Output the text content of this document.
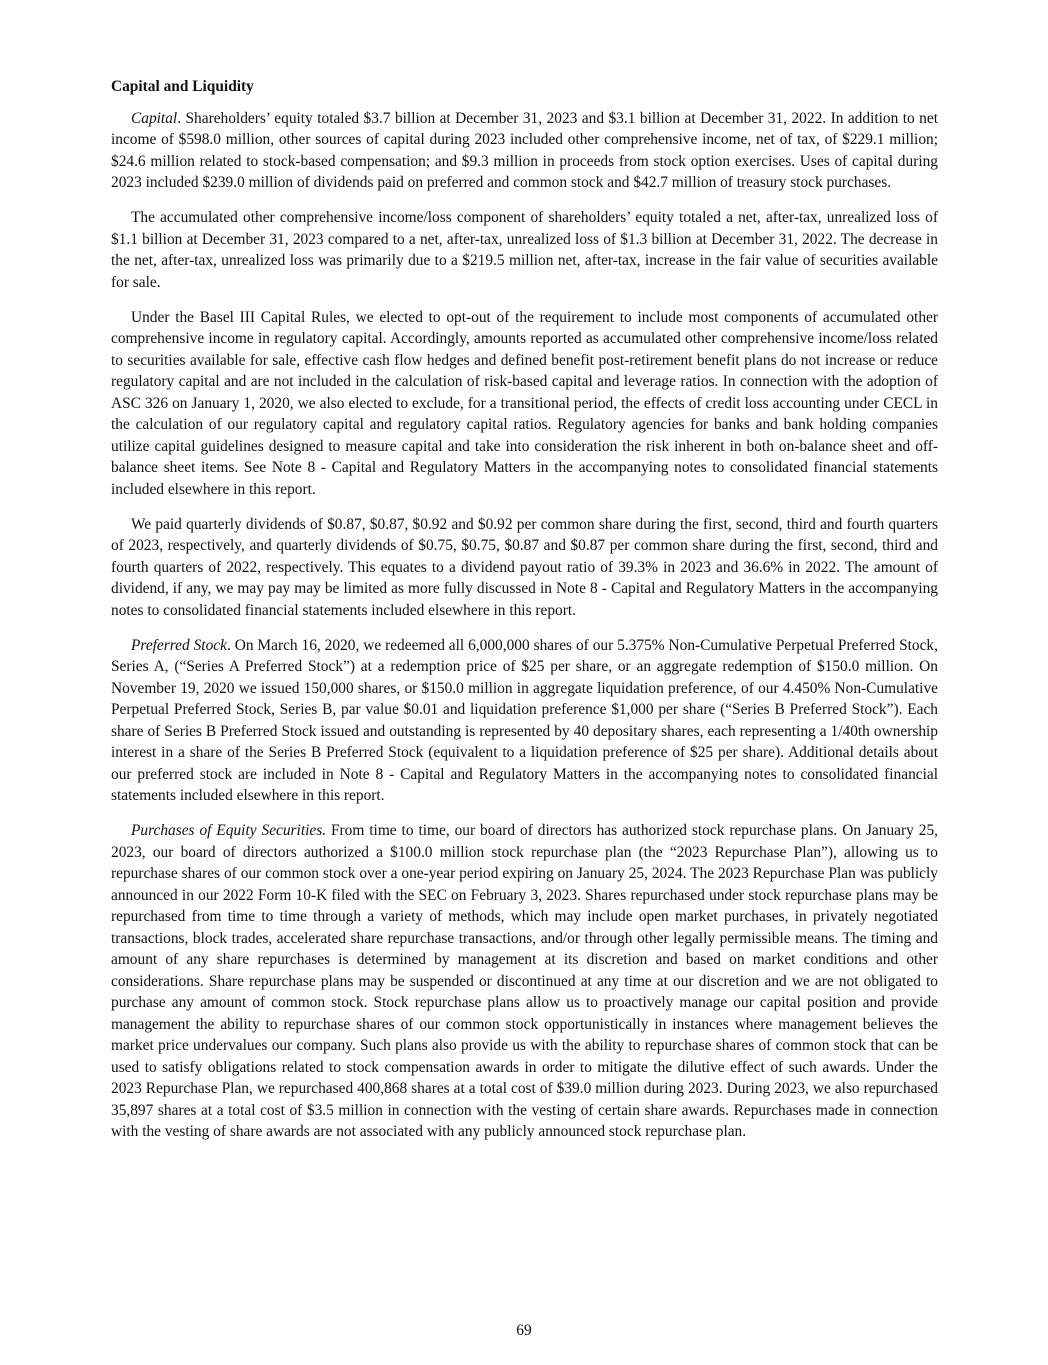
Capital and Liquidity

Capital. Shareholders’ equity totaled $3.7 billion at December 31, 2023 and $3.1 billion at December 31, 2022. In addition to net income of $598.0 million, other sources of capital during 2023 included other comprehensive income, net of tax, of $229.1 million; $24.6 million related to stock-based compensation; and $9.3 million in proceeds from stock option exercises. Uses of capital during 2023 included $239.0 million of dividends paid on preferred and common stock and $42.7 million of treasury stock purchases.

The accumulated other comprehensive income/loss component of shareholders’ equity totaled a net, after-tax, unrealized loss of $1.1 billion at December 31, 2023 compared to a net, after-tax, unrealized loss of $1.3 billion at December 31, 2022. The decrease in the net, after-tax, unrealized loss was primarily due to a $219.5 million net, after-tax, increase in the fair value of securities available for sale.

Under the Basel III Capital Rules, we elected to opt-out of the requirement to include most components of accumulated other comprehensive income in regulatory capital. Accordingly, amounts reported as accumulated other comprehensive income/loss related to securities available for sale, effective cash flow hedges and defined benefit post-retirement benefit plans do not increase or reduce regulatory capital and are not included in the calculation of risk-based capital and leverage ratios. In connection with the adoption of ASC 326 on January 1, 2020, we also elected to exclude, for a transitional period, the effects of credit loss accounting under CECL in the calculation of our regulatory capital and regulatory capital ratios. Regulatory agencies for banks and bank holding companies utilize capital guidelines designed to measure capital and take into consideration the risk inherent in both on-balance sheet and off-balance sheet items. See Note 8 - Capital and Regulatory Matters in the accompanying notes to consolidated financial statements included elsewhere in this report.

We paid quarterly dividends of $0.87, $0.87, $0.92 and $0.92 per common share during the first, second, third and fourth quarters of 2023, respectively, and quarterly dividends of $0.75, $0.75, $0.87 and $0.87 per common share during the first, second, third and fourth quarters of 2022, respectively. This equates to a dividend payout ratio of 39.3% in 2023 and 36.6% in 2022. The amount of dividend, if any, we may pay may be limited as more fully discussed in Note 8 - Capital and Regulatory Matters in the accompanying notes to consolidated financial statements included elsewhere in this report.

Preferred Stock. On March 16, 2020, we redeemed all 6,000,000 shares of our 5.375% Non-Cumulative Perpetual Preferred Stock, Series A, (“Series A Preferred Stock”) at a redemption price of $25 per share, or an aggregate redemption of $150.0 million. On November 19, 2020 we issued 150,000 shares, or $150.0 million in aggregate liquidation preference, of our 4.450% Non-Cumulative Perpetual Preferred Stock, Series B, par value $0.01 and liquidation preference $1,000 per share (“Series B Preferred Stock”). Each share of Series B Preferred Stock issued and outstanding is represented by 40 depositary shares, each representing a 1/40th ownership interest in a share of the Series B Preferred Stock (equivalent to a liquidation preference of $25 per share). Additional details about our preferred stock are included in Note 8 - Capital and Regulatory Matters in the accompanying notes to consolidated financial statements included elsewhere in this report.

Purchases of Equity Securities. From time to time, our board of directors has authorized stock repurchase plans. On January 25, 2023, our board of directors authorized a $100.0 million stock repurchase plan (the “2023 Repurchase Plan”), allowing us to repurchase shares of our common stock over a one-year period expiring on January 25, 2024. The 2023 Repurchase Plan was publicly announced in our 2022 Form 10-K filed with the SEC on February 3, 2023. Shares repurchased under stock repurchase plans may be repurchased from time to time through a variety of methods, which may include open market purchases, in privately negotiated transactions, block trades, accelerated share repurchase transactions, and/or through other legally permissible means. The timing and amount of any share repurchases is determined by management at its discretion and based on market conditions and other considerations. Share repurchase plans may be suspended or discontinued at any time at our discretion and we are not obligated to purchase any amount of common stock. Stock repurchase plans allow us to proactively manage our capital position and provide management the ability to repurchase shares of our common stock opportunistically in instances where management believes the market price undervalues our company. Such plans also provide us with the ability to repurchase shares of common stock that can be used to satisfy obligations related to stock compensation awards in order to mitigate the dilutive effect of such awards. Under the 2023 Repurchase Plan, we repurchased 400,868 shares at a total cost of $39.0 million during 2023. During 2023, we also repurchased 35,897 shares at a total cost of $3.5 million in connection with the vesting of certain share awards. Repurchases made in connection with the vesting of share awards are not associated with any publicly announced stock repurchase plan.

69
